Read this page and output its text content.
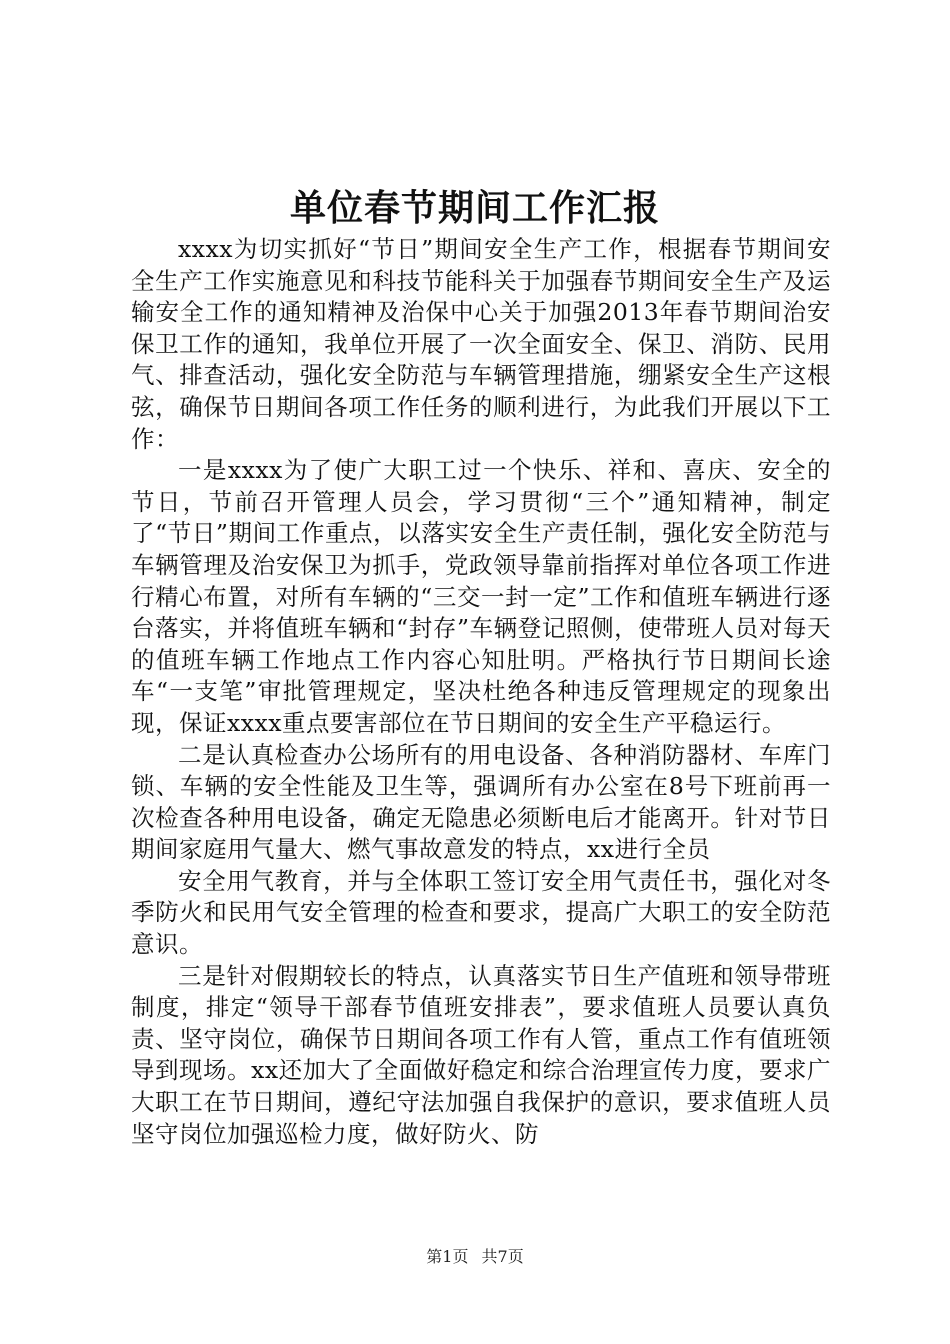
单位春节期间工作汇报

xxxx为切实抓好“节日”期间安全生产工作，根据春节期间安全生产工作实施意见和科技节能科关于加强春节期间安全生产及运输安全工作的通知精神及治保中心关于加强2013年春节期间治安保卫工作的通知，我单位开展了一次全面安全、保卫、消防、民用气、排查活动，强化安全防范与车辆管理措施，绷紧安全生产这根弦，确保节日期间各项工作任务的顺利进行，为此我们开展以下工作：

一是xxxx为了使广大职工过一个快乐、祥和、喜庆、安全的节日，节前召开管理人员会，学习贯彻“三个”通知精神，制定了“节日”期间工作重点，以落实安全生产责任制，强化安全防范与车辆管理及治安保卫为抓手，党政领导靠前指挥对单位各项工作进行精心布置，对所有车辆的“三交一封一定”工作和值班车辆进行逐台落实，并将值班车辆和“封存”车辆登记照侧，使带班人员对每天的值班车辆工作地点工作内容心知肚明。严格执行节日期间长途车“一支笔”审批管理规定，坚决杜绝各种违反管理规定的现象出现，保证xxxx重点要害部位在节日期间的安全生产平稳运行。

二是认真检查办公场所有的用电设备、各种消防器材、车库门锁、车辆的安全性能及卫生等，强调所有办公室在8号下班前再一次检查各种用电设备，确定无隐患必须断电后才能离开。针对节日期间家庭用气量大、燃气事故意发的特点，xx进行全员

安全用气教育，并与全体职工签订安全用气责任书，强化对冬季防火和民用气安全管理的检查和要求，提高广大职工的安全防范意识。

三是针对假期较长的特点，认真落实节日生产值班和领导带班制度，排定“领导干部春节值班安排表”，要求值班人员要认真负责、坚守岗位，确保节日期间各项工作有人管，重点工作有值班领导到现场。xx还加大了全面做好稳定和综合治理宣传力度，要求广大职工在节日期间，遵纪守法加强自我保护的意识，要求值班人员坚守岗位加强巡检力度，做好防火、防

第1页 共7页
